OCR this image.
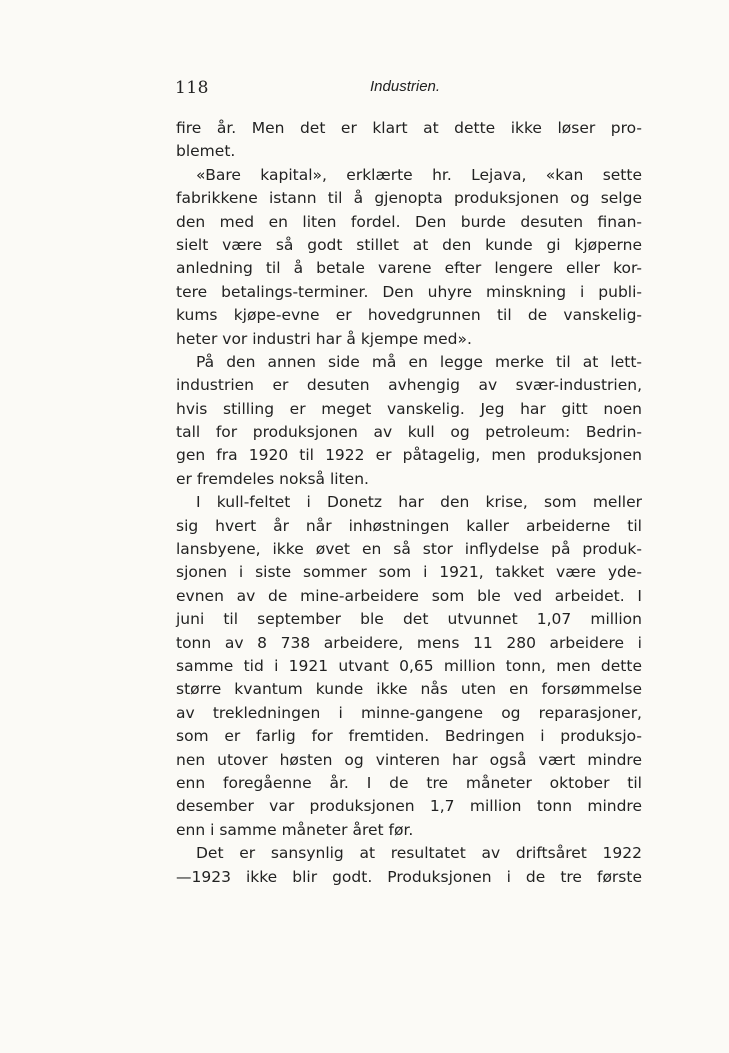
118	Industrien.
fire år. Men det er klart at dette ikke løser pro-
blemet.
«Bare kapital», erklærte hr. Lejava, «kan sette
fabrikkene istann til å gjenopta produksjonen og selge
den med en liten fordel. Den burde desuten finan-
sielt være så godt stillet at den kunde gi kjøperne
anledning til å betale varene efter lengere eller kor-
tere betalings-terminer. Den uhyre minskning i publi-
kums kjøpe-evne er hovedgrunnen til de vanskelig-
heter vor industri har å kjempe med».
På den annen side må en legge merke til at lett-
industrien er desuten avhengig av svær-industrien,
hvis stilling er meget vanskelig. Jeg har gitt noen
tall for produksjonen av kull og petroleum: Bedrin-
gen fra 1920 til 1922 er påtagelig, men produksjonen
er fremdeles nokså liten.
I kull-feltet i Donetz har den krise, som meller
sig hvert år når inhøstningen kaller arbeiderne til
lansbyene, ikke øvet en så stor inflydelse på produk-
sjonen i siste sommer som i 1921, takket være yde-
evnen av de mine-arbeidere som ble ved arbeidet. I
juni til september ble det utvunnet 1,07 million
tonn av 8 738 arbeidere, mens 11 280 arbeidere i
samme tid i 1921 utvant 0,65 million tonn, men dette
større kvantum kunde ikke nås uten en forsømmelse
av trekledningen i minne-gangene og reparasjoner,
som er farlig for fremtiden. Bedringen i produksjo-
nen utover høsten og vinteren har også vært mindre
enn foregåenne år. I de tre måneter oktober til
desember var produksjonen 1,7 million tonn mindre
enn i samme måneter året før.
Det er sansynlig at resultatet av driftsåret 1922
—1923 ikke blir godt. Produksjonen i de tre første
